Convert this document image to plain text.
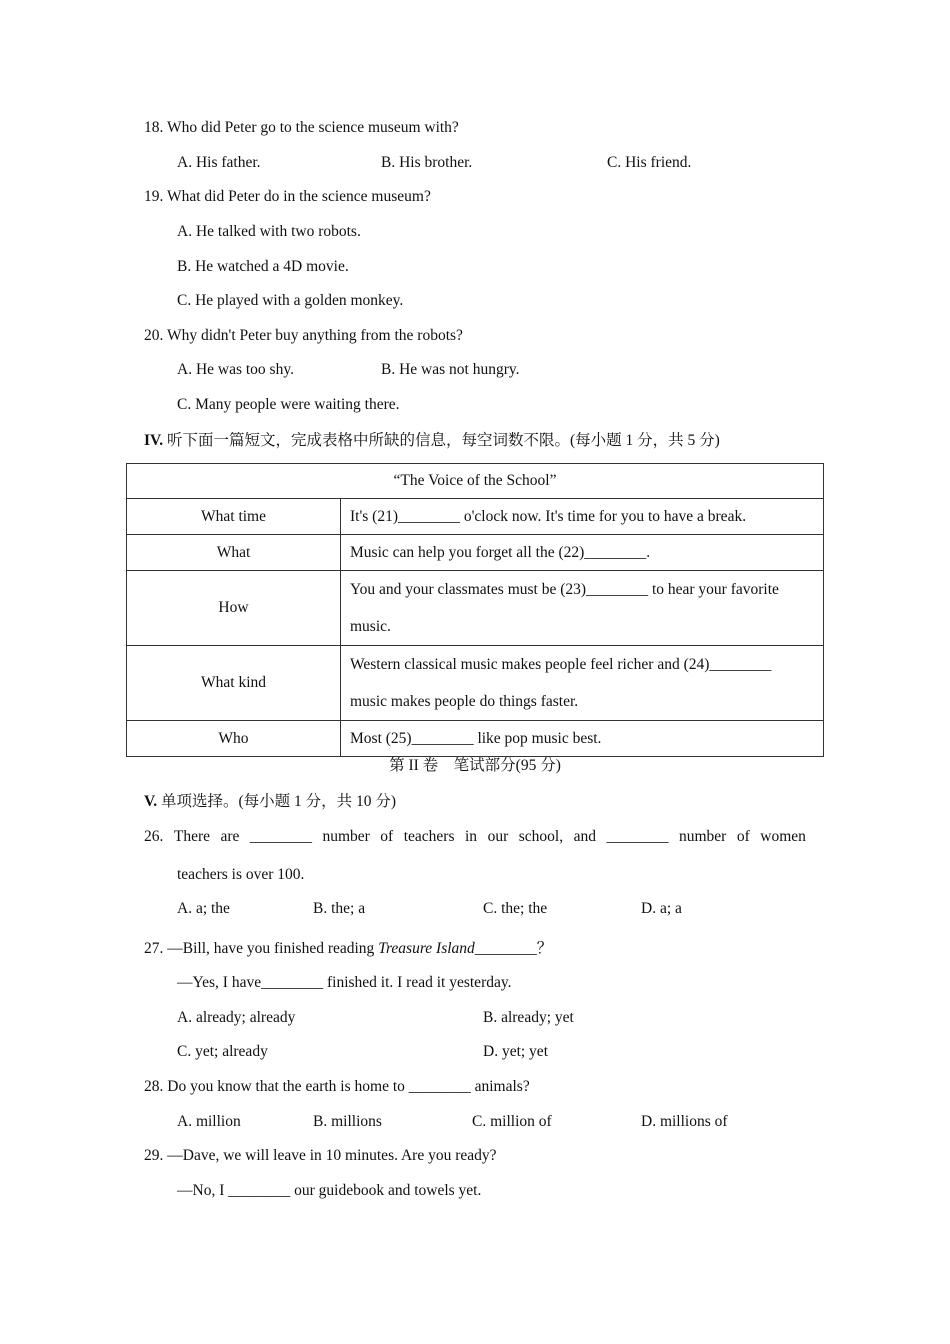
18. Who did Peter go to the science museum with?
A. His father.	B. His brother.	C. His friend.
19. What did Peter do in the science museum?
A. He talked with two robots.
B. He watched a 4D movie.
C. He played with a golden monkey.
20. Why didn't Peter buy anything from the robots?
A. He was too shy.	B. He was not hungry.
C. Many people were waiting there.
IV. 听下面一篇短文，完成表格中所缺的信息，每空词数不限。(每小题 1 分，共 5 分)
“The Voice of the School”	
What time	It's (21)________ o'clock now. It's time for you to have a break.
What	Music can help you forget all the (22)________.
How	You and your classmates must be (23)________ to hear your favorite
music.

What kind	Western classical music makes people feel richer and (24)________
music makes people do things faster.

Who	Most (25)________ like pop music best.
第 II 卷　笔试部分(95 分)
V. 单项选择。(每小题 1 分，共 10 分)
26. There are ________ number of teachers in our school, and ________ number of women
teachers is over 100.
A. a; the	B. the; a	C. the; the	D. a; a
27. —Bill, have you finished reading Treasure Island________？
—Yes, I have________ finished it. I read it yesterday.
A. already; already	B. already; yet
C. yet; already	D. yet; yet
28. Do you know that the earth is home to ________ animals?
A. million	B. millions	C. million of	D. millions of
29. —Dave, we will leave in 10 minutes. Are you ready?
—No, I ________ our guidebook and towels yet.
